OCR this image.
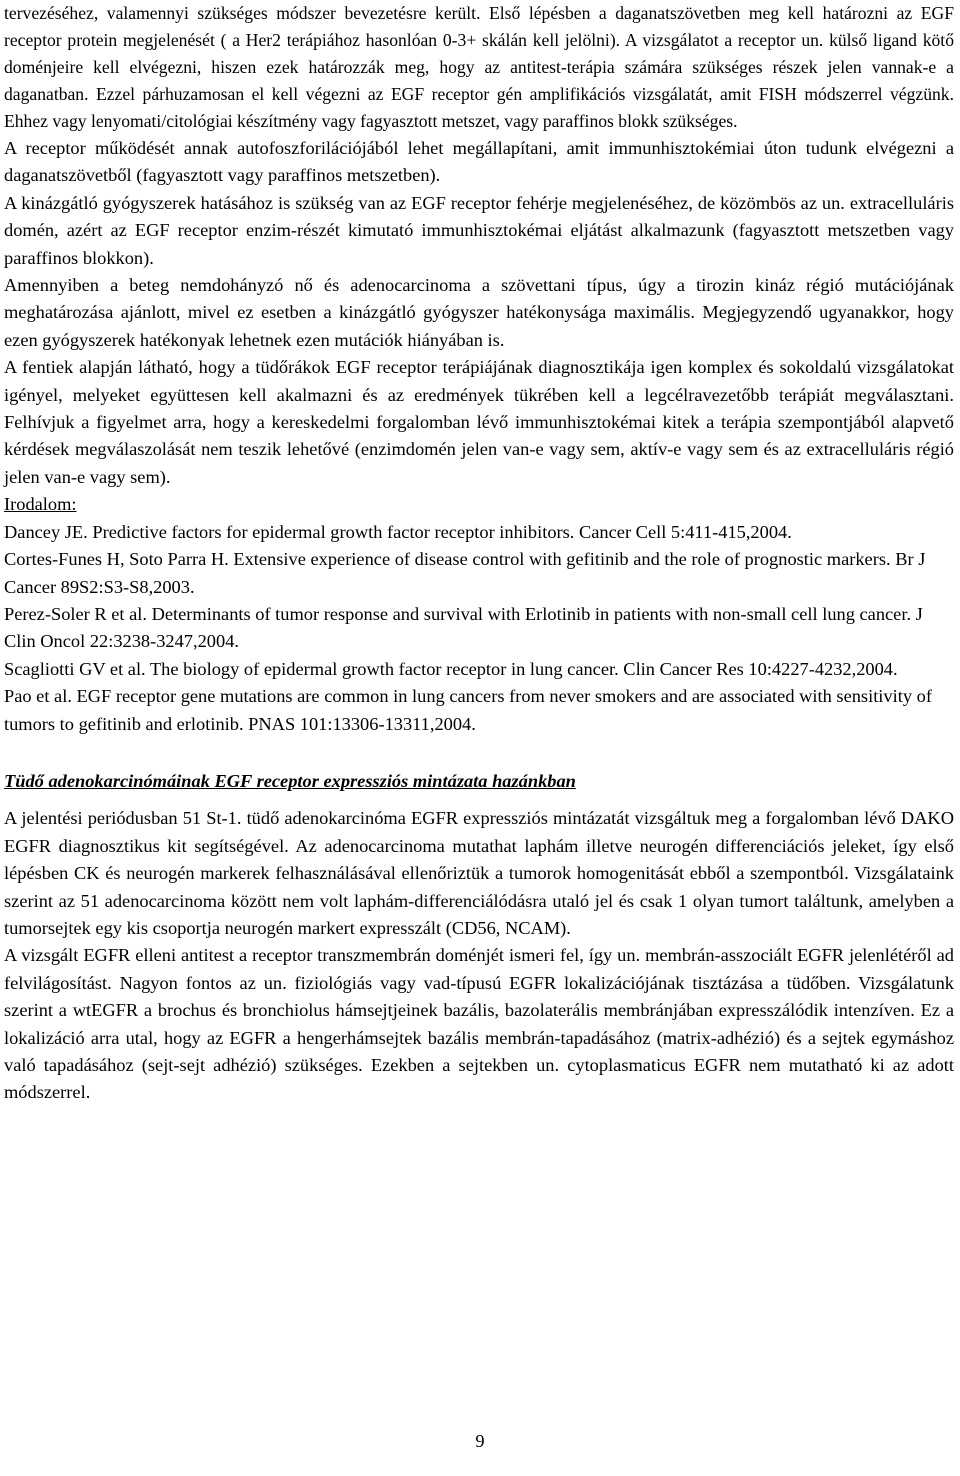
tervezéséhez, valamennyi szükséges módszer bevezetésre került. Első lépésben a daganatszövetben meg kell határozni az EGF receptor protein megjelenését ( a Her2 terápiához hasonlóan 0-3+ skálán kell jelölni). A vizsgálatot a receptor un. külső ligand kötő doménjeire kell elvégezni, hiszen ezek határozzák meg, hogy az antitest-terápia számára szükséges részek jelen vannak-e a daganatban. Ezzel párhuzamosan el kell végezni az EGF receptor gén amplifikációs vizsgálatát, amit FISH módszerrel végzünk. Ehhez vagy lenyomati/citológiai készítmény vagy fagyasztott metszet, vagy paraffinos blokk szükséges.

A receptor működését annak autofoszforilációjából lehet megállapítani, amit immunhisztokémiai úton tudunk elvégezni a daganatszövetből (fagyasztott vagy paraffinos metszetben).

A kinázgátló gyógyszerek hatásához is szükség van az EGF receptor fehérje megjelenéséhez, de közömbös az un. extracelluláris domén, azért az EGF receptor enzim-részét kimutató immunhisztokémai eljátást alkalmazunk (fagyasztott metszetben vagy paraffinos blokkon).

Amennyiben a beteg nemdohányzó nő és adenocarcinoma a szövettani típus, úgy a tirozin kináz régió mutációjának meghatározása ajánlott, mivel ez esetben a kinázgátló gyógyszer hatékonysága maximális. Megjegyzendő ugyanakkor, hogy ezen gyógyszerek hatékonyak lehetnek ezen mutációk hiányában is.

A fentiek alapján látható, hogy a tüdőrákok EGF receptor terápiájának diagnosztikája igen komplex és sokoldalú vizsgálatokat igényel, melyeket együttesen kell akalmazni és az eredmények tükrében kell a legcélravezetőbb terápiát megválasztani. Felhívjuk a figyelmet arra, hogy a kereskedelmi forgalomban lévő immunhisztokémai kitek a terápia szempontjából alapvető kérdések megválaszolását nem teszik lehetővé (enzimdomén jelen van-e vagy sem, aktív-e vagy sem és az extracelluláris régió jelen van-e vagy sem).

Irodalom:

Dancey JE. Predictive factors for epidermal growth factor receptor inhibitors. Cancer Cell 5:411-415,2004.

Cortes-Funes H, Soto Parra H. Extensive experience of disease control with gefitinib and the role of prognostic markers. Br J Cancer 89S2:S3-S8,2003.

Perez-Soler R et al. Determinants of tumor response and survival with Erlotinib in patients with non-small cell lung cancer. J Clin Oncol 22:3238-3247,2004.

Scagliotti GV et al. The biology of epidermal growth factor receptor in lung cancer. Clin Cancer Res 10:4227-4232,2004.

Pao et al. EGF receptor gene mutations are common in lung cancers from never smokers and are associated with sensitivity of tumors to gefitinib and erlotinib. PNAS 101:13306-13311,2004.

Tüdő adenokarcinómáinak EGF receptor expressziós mintázata hazánkban

A jelentési periódusban 51 St-1. tüdő adenokarcinóma EGFR expressziós mintázatát vizsgáltuk meg a forgalomban lévő DAKO EGFR diagnosztikus kit segítségével. Az adenocarcinoma mutathat laphám illetve neurogén differenciációs jeleket, így első lépésben CK és neurogén markerek felhasználásával ellenőriztük a tumorok homogenitását ebből a szempontból. Vizsgálataink szerint az 51 adenocarcinoma között nem volt laphám-differenciálódásra utaló jel és csak 1 olyan tumort találtunk, amelyben a tumorsejtek egy kis csoportja neurogén markert expresszált (CD56, NCAM).

A vizsgált EGFR elleni antitest a receptor transzmembrán doménjét ismeri fel, így un. membrán-asszociált EGFR jelenlétéről ad felvilágosítást. Nagyon fontos az un. fiziológiás vagy vad-típusú EGFR lokalizációjának tisztázása a tüdőben. Vizsgálatunk szerint a wtEGFR a brochus és bronchiolus hámsejtjeinek bazális, bazolaterális membránjában expresszálódik intenzíven. Ez a lokalizáció arra utal, hogy az EGFR a hengerhámsejtek bazális membrán-tapadásához (matrix-adhézió) és a sejtek egymáshoz való tapadásához (sejt-sejt adhézió) szükséges. Ezekben a sejtekben un. cytoplasmaticus EGFR nem mutatható ki az adott módszerrel.

9
